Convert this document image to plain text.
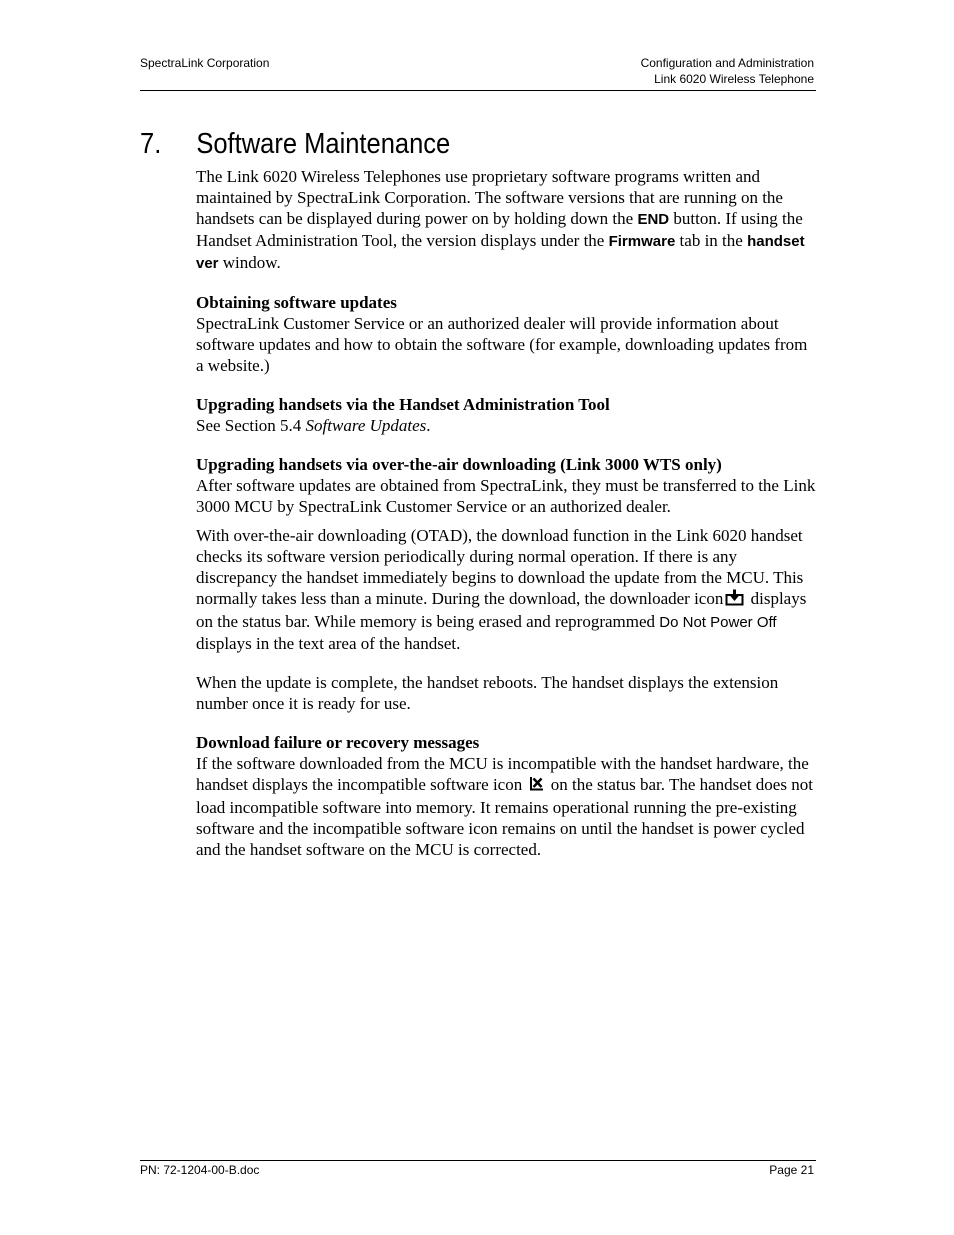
SpectraLink Corporation	Configuration and Administration
Link 6020 Wireless Telephone
7. Software Maintenance

The Link 6020 Wireless Telephones use proprietary software programs written and maintained by SpectraLink Corporation. The software versions that are running on the handsets can be displayed during power on by holding down the END button. If using the Handset Administration Tool, the version displays under the Firmware tab in the handset ver window.

Obtaining software updates

SpectraLink Customer Service or an authorized dealer will provide information about software updates and how to obtain the software (for example, downloading updates from a website.)

Upgrading handsets via the Handset Administration Tool

See Section 5.4 Software Updates.

Upgrading handsets via over-the-air downloading (Link 3000 WTS only)

After software updates are obtained from SpectraLink, they must be transferred to the Link 3000 MCU by SpectraLink Customer Service or an authorized dealer.

With over-the-air downloading (OTAD), the download function in the Link 6020 handset checks its software version periodically during normal operation. If there is any discrepancy the handset immediately begins to download the update from the MCU. This normally takes less than a minute. During the download, the downloader icon displays on the status bar. While memory is being erased and reprogrammed Do Not Power Off displays in the text area of the handset.

When the update is complete, the handset reboots. The handset displays the extension number once it is ready for use.

Download failure or recovery messages

If the software downloaded from the MCU is incompatible with the handset hardware, the handset displays the incompatible software icon  on the status bar. The handset does not load incompatible software into memory. It remains operational running the pre-existing software and the incompatible software icon remains on until the handset is power cycled and the handset software on the MCU is corrected.

PN: 72-1204-00-B.doc	Page 21
